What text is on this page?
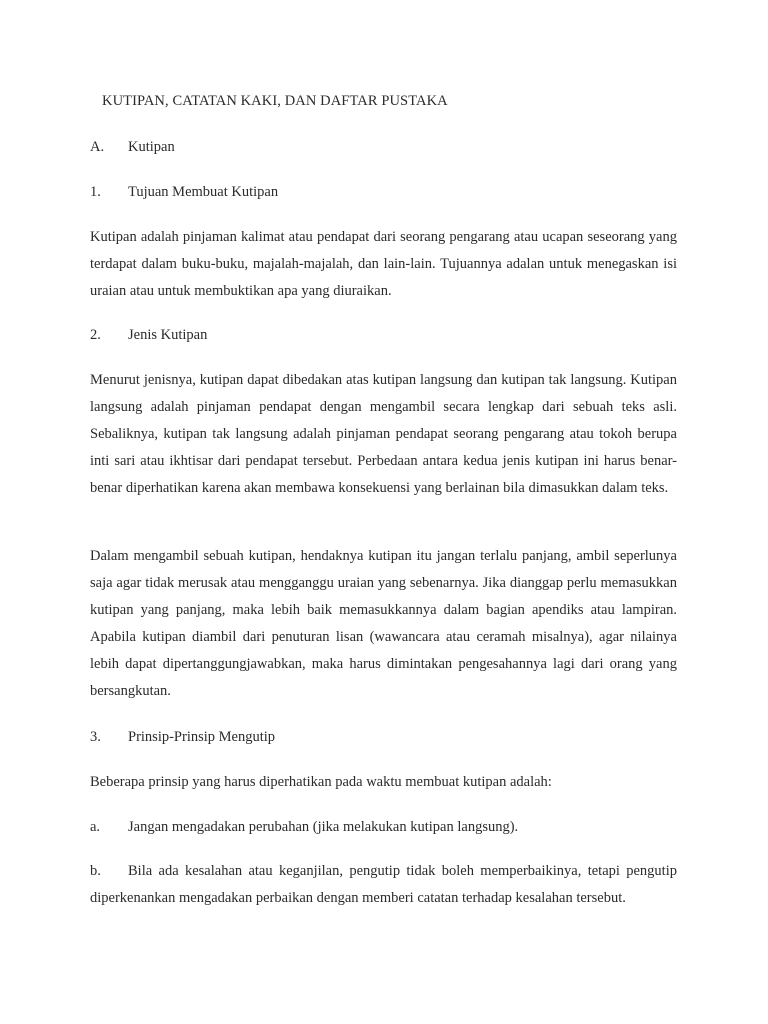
KUTIPAN, CATATAN KAKI, DAN DAFTAR PUSTAKA
A. Kutipan
1. Tujuan Membuat Kutipan
Kutipan adalah pinjaman kalimat atau pendapat dari seorang pengarang atau ucapan seseorang yang terdapat dalam buku-buku, majalah-majalah, dan lain-lain. Tujuannya adalan untuk menegaskan isi uraian atau untuk membuktikan apa yang diuraikan.
2. Jenis Kutipan
Menurut jenisnya, kutipan dapat dibedakan atas kutipan langsung dan kutipan tak langsung. Kutipan langsung adalah pinjaman pendapat dengan mengambil secara lengkap dari sebuah teks asli. Sebaliknya, kutipan tak langsung adalah pinjaman pendapat seorang pengarang atau tokoh berupa inti sari atau ikhtisar dari pendapat tersebut. Perbedaan antara kedua jenis kutipan ini harus benar-benar diperhatikan karena akan membawa konsekuensi yang berlainan bila dimasukkan dalam teks.
Dalam mengambil sebuah kutipan, hendaknya kutipan itu jangan terlalu panjang, ambil seperlunya saja agar tidak merusak atau mengganggu uraian yang sebenarnya. Jika dianggap perlu memasukkan kutipan yang panjang, maka lebih baik memasukkannya dalam bagian apendiks atau lampiran. Apabila kutipan diambil dari penuturan lisan (wawancara atau ceramah misalnya), agar nilainya lebih dapat dipertanggungjawabkan, maka harus dimintakan pengesahannya lagi dari orang yang bersangkutan.
3. Prinsip-Prinsip Mengutip
Beberapa prinsip yang harus diperhatikan pada waktu membuat kutipan adalah:
a. Jangan mengadakan perubahan (jika melakukan kutipan langsung).
b. Bila ada kesalahan atau keganjilan, pengutip tidak boleh memperbaikinya, tetapi pengutip diperkenankan mengadakan perbaikan dengan memberi catatan terhadap kesalahan tersebut.
